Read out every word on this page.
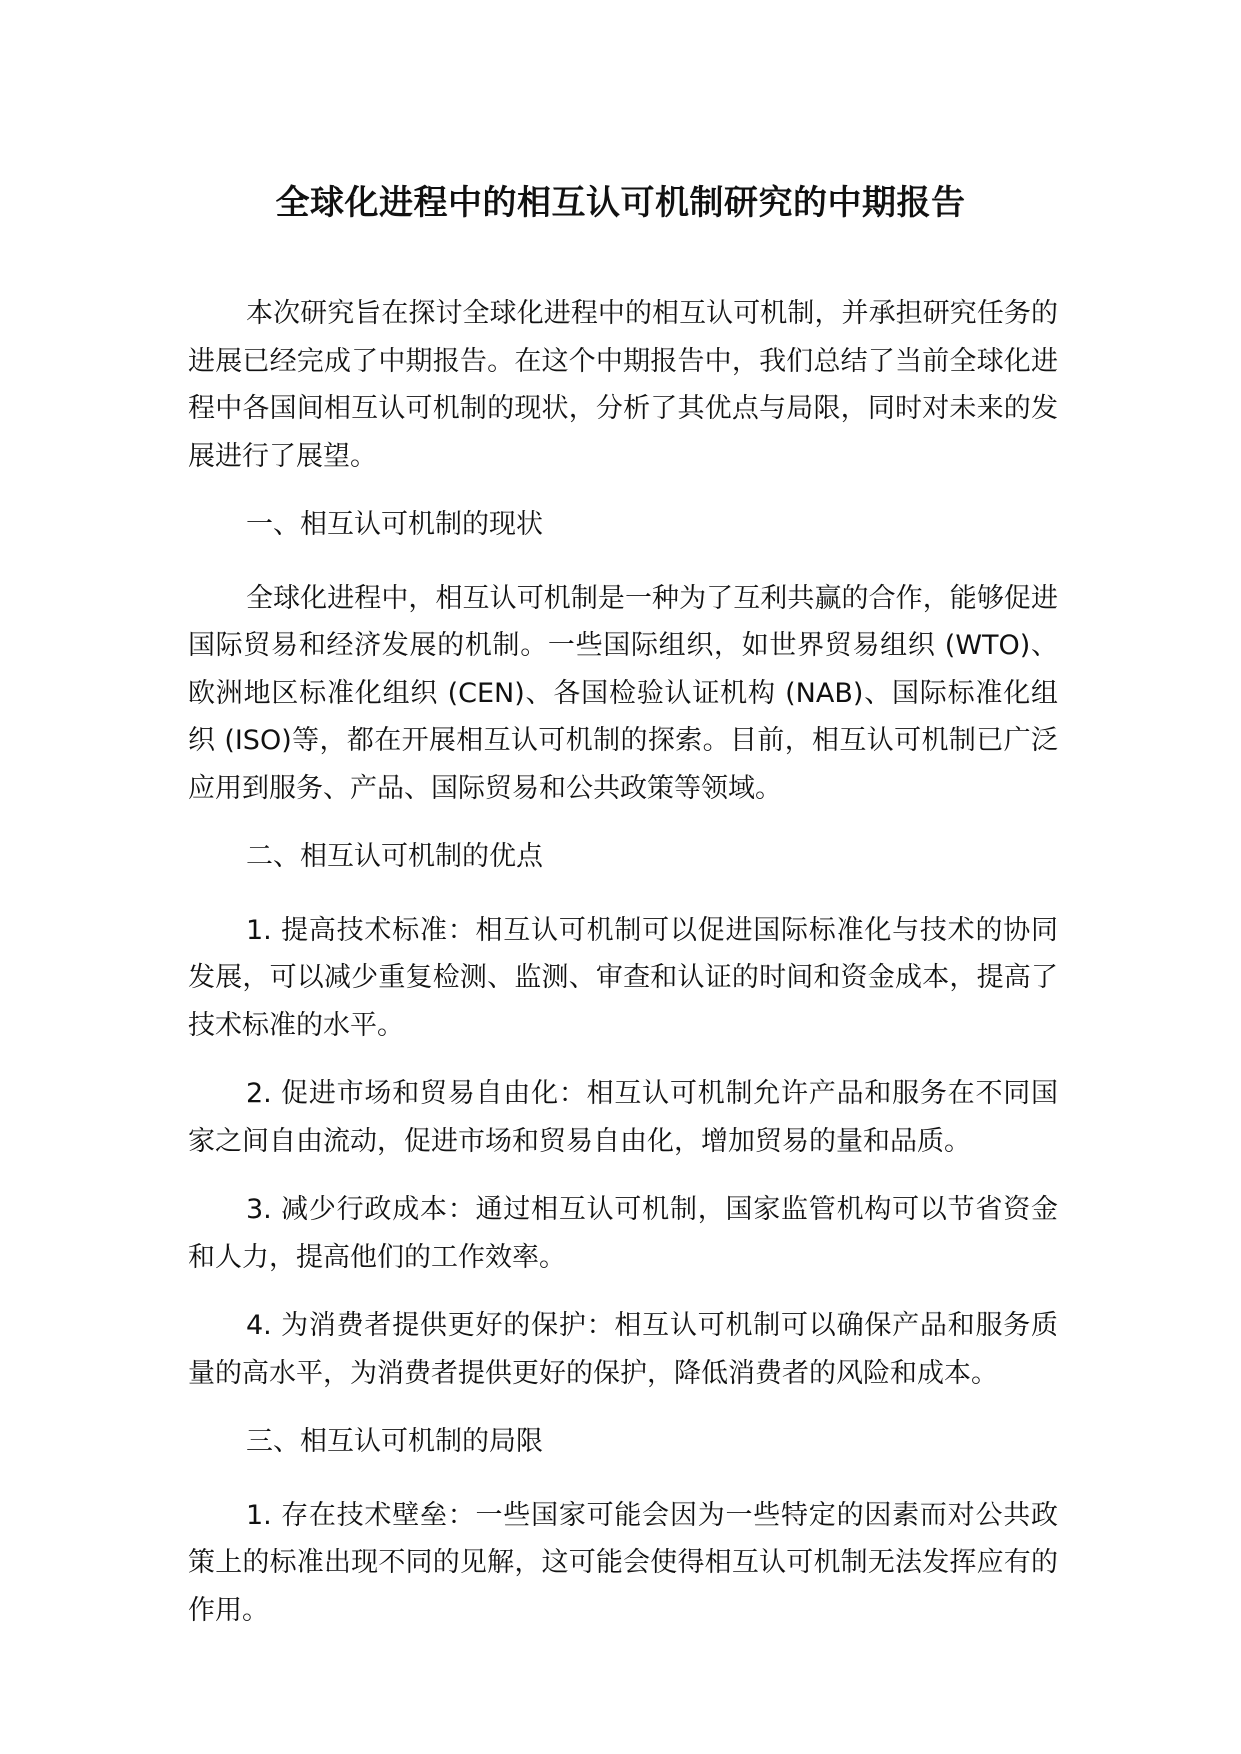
全球化进程中的相互认可机制研究的中期报告

本次研究旨在探讨全球化进程中的相互认可机制，并承担研究任务的进展已经完成了中期报告。在这个中期报告中，我们总结了当前全球化进程中各国间相互认可机制的现状，分析了其优点与局限，同时对未来的发展进行了展望。

一、相互认可机制的现状

全球化进程中，相互认可机制是一种为了互利共赢的合作，能够促进国际贸易和经济发展的机制。一些国际组织，如世界贸易组织 (WTO)、欧洲地区标准化组织 (CEN)、各国检验认证机构 (NAB)、国际标准化组织 (ISO)等，都在开展相互认可机制的探索。目前，相互认可机制已广泛应用到服务、产品、国际贸易和公共政策等领域。

二、相互认可机制的优点

1. 提高技术标准：相互认可机制可以促进国际标准化与技术的协同发展，可以减少重复检测、监测、审查和认证的时间和资金成本，提高了技术标准的水平。

2. 促进市场和贸易自由化：相互认可机制允许产品和服务在不同国家之间自由流动，促进市场和贸易自由化，增加贸易的量和品质。

3. 减少行政成本：通过相互认可机制，国家监管机构可以节省资金和人力，提高他们的工作效率。

4. 为消费者提供更好的保护：相互认可机制可以确保产品和服务质量的高水平，为消费者提供更好的保护，降低消费者的风险和成本。

三、相互认可机制的局限

1. 存在技术壁垒：一些国家可能会因为一些特定的因素而对公共政策上的标准出现不同的见解，这可能会使得相互认可机制无法发挥应有的作用。
